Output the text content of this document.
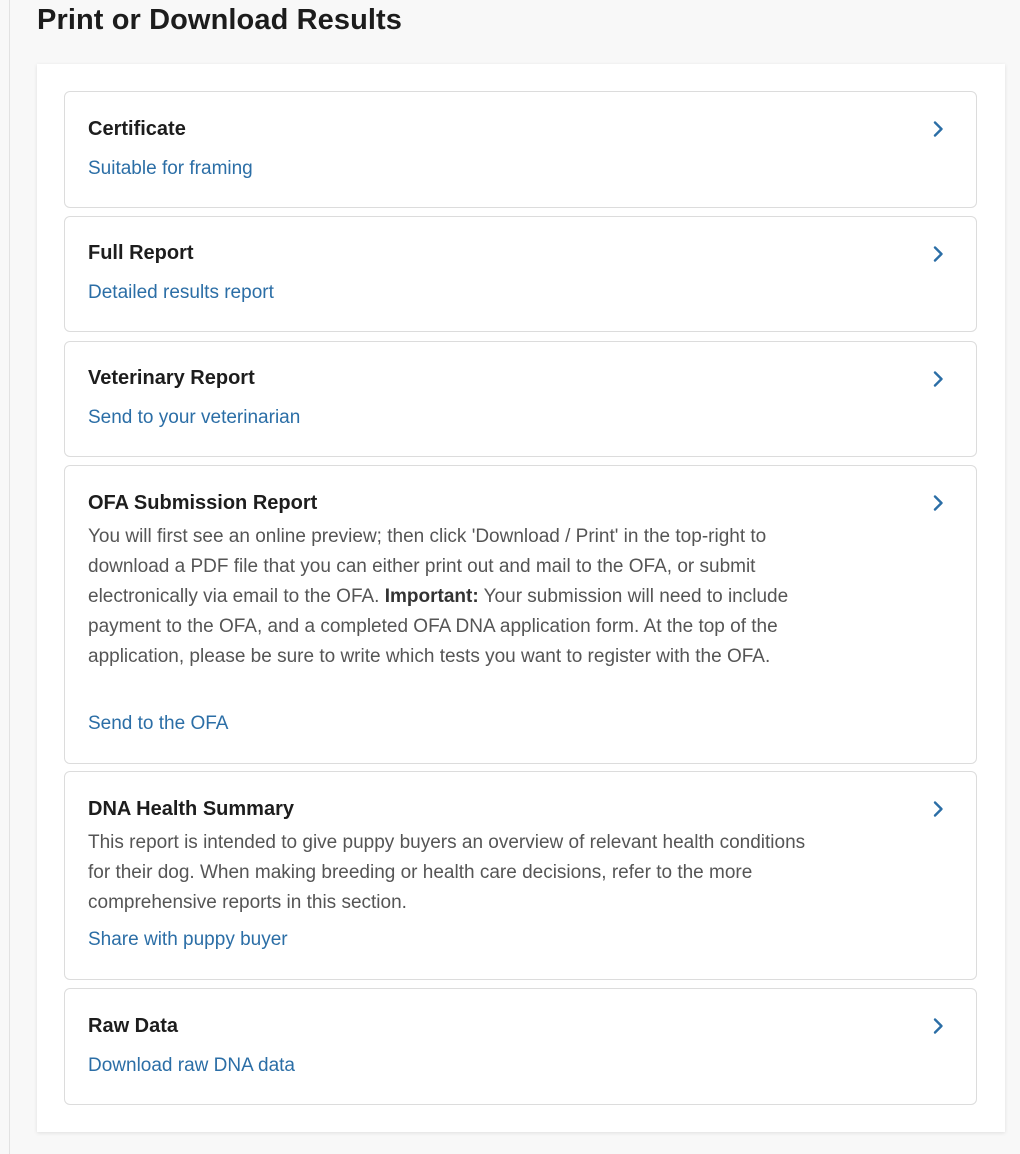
Print or Download Results
Certificate
Suitable for framing
Full Report
Detailed results report
Veterinary Report
Send to your veterinarian
OFA Submission Report

You will first see an online preview; then click 'Download / Print' in the top-right to download a PDF file that you can either print out and mail to the OFA, or submit electronically via email to the OFA. Important: Your submission will need to include payment to the OFA, and a completed OFA DNA application form. At the top of the application, please be sure to write which tests you want to register with the OFA.

Send to the OFA
DNA Health Summary

This report is intended to give puppy buyers an overview of relevant health conditions for their dog. When making breeding or health care decisions, refer to the more comprehensive reports in this section.

Share with puppy buyer
Raw Data
Download raw DNA data
